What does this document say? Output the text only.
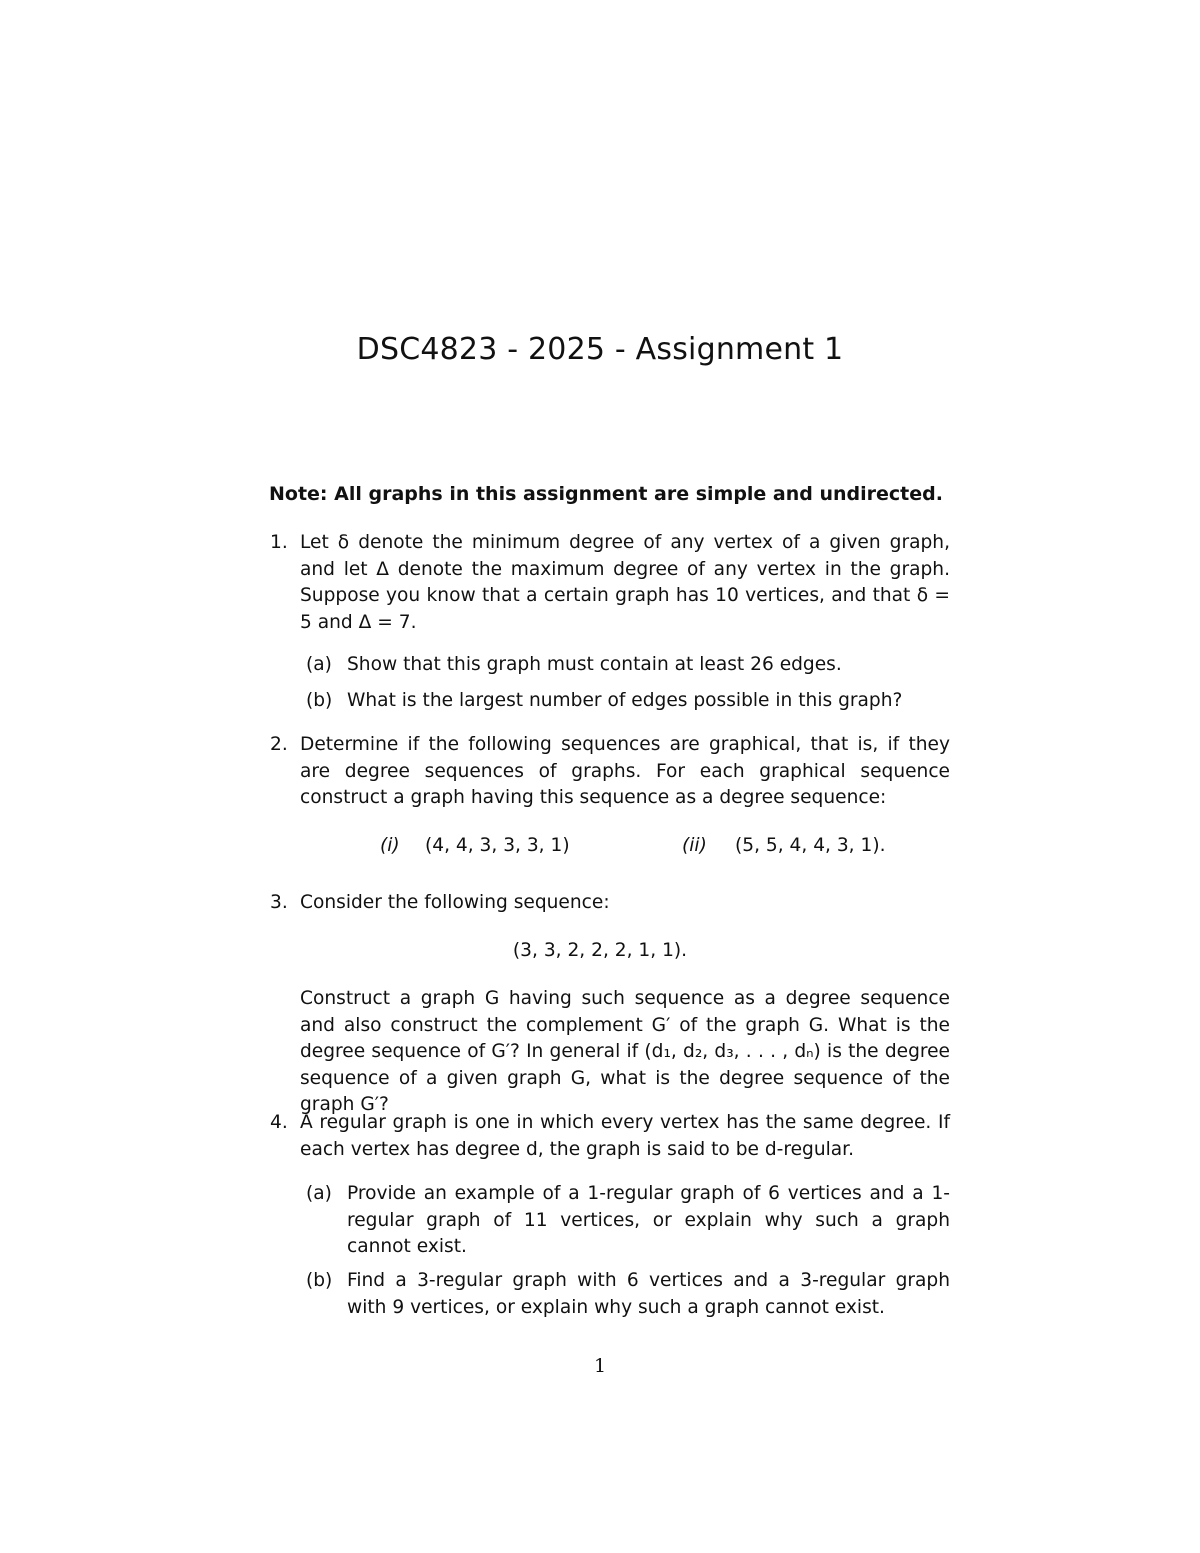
DSC4823 - 2025 - Assignment 1
Note: All graphs in this assignment are simple and undirected.
1. Let δ denote the minimum degree of any vertex of a given graph, and let Δ denote the maximum degree of any vertex in the graph. Suppose you know that a certain graph has 10 vertices, and that δ = 5 and Δ = 7.
(a) Show that this graph must contain at least 26 edges.
(b) What is the largest number of edges possible in this graph?
2. Determine if the following sequences are graphical, that is, if they are degree sequences of graphs. For each graphical sequence construct a graph having this sequence as a degree sequence:
(i) (4, 4, 3, 3, 3, 1)	(ii) (5, 5, 4, 4, 3, 1).
3. Consider the following sequence:
(3, 3, 2, 2, 2, 1, 1).
Construct a graph G having such sequence as a degree sequence and also construct the complement G′ of the graph G. What is the degree sequence of G′? In general if (d₁, d₂, d₃, . . . , dₙ) is the degree sequence of a given graph G, what is the degree sequence of the graph G′?
4. A regular graph is one in which every vertex has the same degree. If each vertex has degree d, the graph is said to be d-regular.
(a) Provide an example of a 1-regular graph of 6 vertices and a 1-regular graph of 11 vertices, or explain why such a graph cannot exist.
(b) Find a 3-regular graph with 6 vertices and a 3-regular graph with 9 vertices, or explain why such a graph cannot exist.
1
